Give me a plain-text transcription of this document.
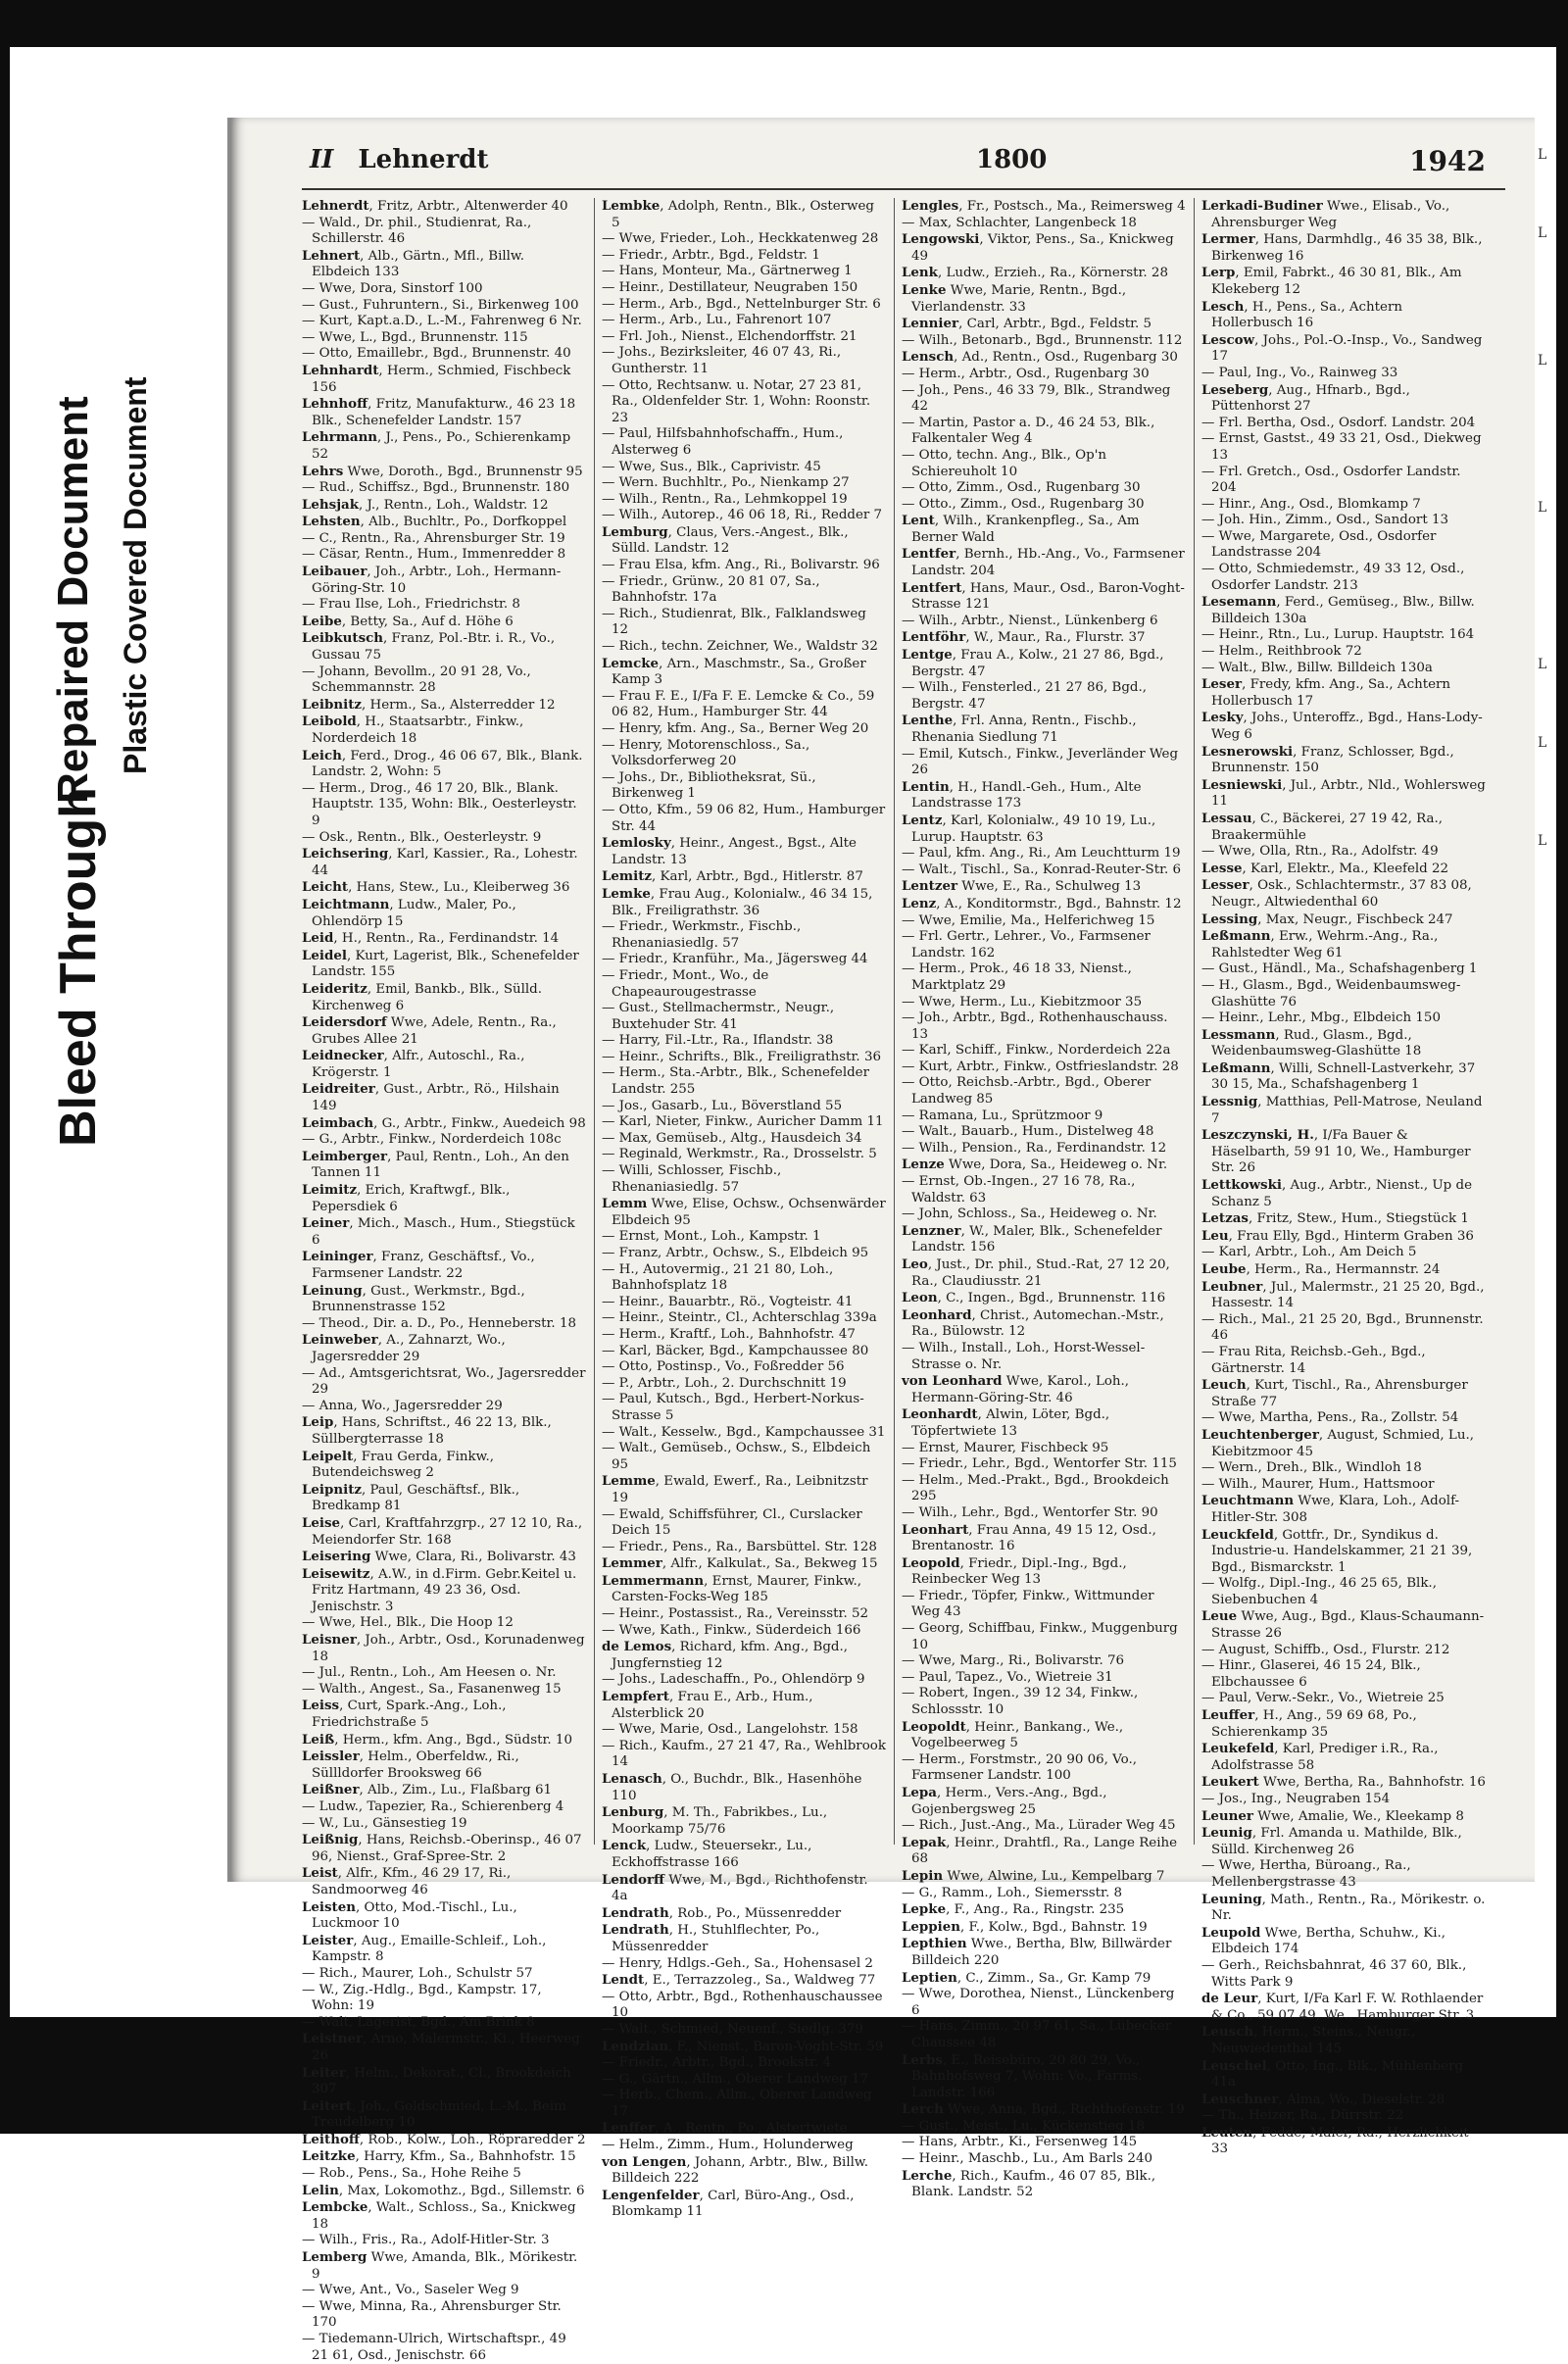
Bleed Through
Repaired Document Plastic Covered Document
II Lehnerdt	1800	1942

Lehnerdt, Fritz, Arbtr., Altenwerder 40

— Wald., Dr. phil., Studienrat, Ra., Schillerstr. 46

Lehnert, Alb., Gärtn., Mfl., Billw. Elbdeich 133

— Wwe, Dora, Sinstorf 100

— Gust., Fuhruntern., Si., Birkenweg 100

— Kurt, Kapt.a.D., L.-M., Fahrenweg 6 Nr.

— Wwe, L., Bgd., Brunnenstr. 115

— Otto, Emaillebr., Bgd., Brunnenstr. 40

Lehnhardt, Herm., Schmied, Fischbeck 156

Lehnhoff, Fritz, Manufakturw., 46 23 18 Blk., Schenefelder Landstr. 157

Lehrmann, J., Pens., Po., Schierenkamp 52

Lehrs Wwe, Doroth., Bgd., Brunnenstr 95

— Rud., Schiffsz., Bgd., Brunnenstr. 180

Lehsjak, J., Rentn., Loh., Waldstr. 12

Lehsten, Alb., Buchltr., Po., Dorfkoppel

— C., Rentn., Ra., Ahrensburger Str. 19

— Cäsar, Rentn., Hum., Immenredder 8

Leibauer, Joh., Arbtr., Loh., Hermann-Göring-Str. 10

— Frau Ilse, Loh., Friedrichstr. 8

Leibe, Betty, Sa., Auf d. Höhe 6

Leibkutsch, Franz, Pol.-Btr. i. R., Vo., Gussau 75

— Johann, Bevollm., 20 91 28, Vo., Schemmannstr. 28

Leibnitz, Herm., Sa., Alsterredder 12

Leibold, H., Staatsarbtr., Finkw., Norderdeich 18

Leich, Ferd., Drog., 46 06 67, Blk., Blank. Landstr. 2, Wohn: 5

— Herm., Drog., 46 17 20, Blk., Blank. Hauptstr. 135, Wohn: Blk., Oesterleystr. 9

— Osk., Rentn., Blk., Oesterleystr. 9

Leichsering, Karl, Kassier., Ra., Lohestr. 44

Leicht, Hans, Stew., Lu., Kleiberweg 36

Leichtmann, Ludw., Maler, Po., Ohlendörp 15

Leid, H., Rentn., Ra., Ferdinandstr. 14

Leidel, Kurt, Lagerist, Blk., Schenefelder Landstr. 155

Leideritz, Emil, Bankb., Blk., Sülld. Kirchenweg 6

Leidersdorf Wwe, Adele, Rentn., Ra., Grubes Allee 21

Leidnecker, Alfr., Autoschl., Ra., Krögerstr. 1

Leidreiter, Gust., Arbtr., Rö., Hilshain 149

Leimbach, G., Arbtr., Finkw., Auedeich 98

— G., Arbtr., Finkw., Norderdeich 108c

Leimberger, Paul, Rentn., Loh., An den Tannen 11

Leimitz, Erich, Kraftwgf., Blk., Pepersdiek 6

Leiner, Mich., Masch., Hum., Stiegstück 6

Leininger, Franz, Geschäftsf., Vo., Farmsener Landstr. 22

Leinung, Gust., Werkmstr., Bgd., Brunnenstrasse 152

— Theod., Dir. a. D., Po., Henneberstr. 18

Leinweber, A., Zahnarzt, Wo., Jagersredder 29

— Ad., Amtsgerichtsrat, Wo., Jagersredder 29

— Anna, Wo., Jagersredder 29

Leip, Hans, Schriftst., 46 22 13, Blk., Süllbergterrasse 18

Leipelt, Frau Gerda, Finkw., Butendeichsweg 2

Leipnitz, Paul, Geschäftsf., Blk., Bredkamp 81

Leise, Carl, Kraftfahrzgrp., 27 12 10, Ra., Meiendorfer Str. 168

Leisering Wwe, Clara, Ri., Bolivarstr. 43

Leisewitz, A.W., in d.Firm. Gebr.Keitel u. Fritz Hartmann, 49 23 36, Osd. Jenischstr. 3

— Wwe, Hel., Blk., Die Hoop 12

Leisner, Joh., Arbtr., Osd., Korunadenweg 18

— Jul., Rentn., Loh., Am Heesen o. Nr.

— Walth., Angest., Sa., Fasanenweg 15

Leiss, Curt, Spark.-Ang., Loh., Friedrichstraße 5

Leiß, Herm., kfm. Ang., Bgd., Südstr. 10

Leissler, Helm., Oberfeldw., Ri., Süllldorfer Brooksweg 66

Leißner, Alb., Zim., Lu., Flaßbarg 61

— Ludw., Tapezier, Ra., Schierenberg 4

— W., Lu., Gänsestieg 19

Leißnig, Hans, Reichsb.-Oberinsp., 46 07 96, Nienst., Graf-Spree-Str. 2

Leist, Alfr., Kfm., 46 29 17, Ri., Sandmoorweg 46

Leisten, Otto, Mod.-Tischl., Lu., Luckmoor 10

Leister, Aug., Emaille-Schleif., Loh., Kampstr. 8

— Rich., Maurer, Loh., Schulstr 57

— W., Zig.-Hdlg., Bgd., Kampstr. 17, Wohn: 19

— Walt, Lagerist, Bgd., Am Brink 8

Leistner, Arno, Malermstr., Ki., Heerweg 26

Leiter, Helm., Dekorat., Cl., Brookdeich 307

Leitert, Joh., Goldschmied, L.-M., Beim Treudelberg 10

Leithoff, Rob., Kolw., Loh., Röpraredder 2

Leitzke, Harry, Kfm., Sa., Bahnhofstr. 15

— Rob., Pens., Sa., Hohe Reihe 5

Lelin, Max, Lokomothz., Bgd., Sillemstr. 6

Lembcke, Walt., Schloss., Sa., Knickweg 18

— Wilh., Fris., Ra., Adolf-Hitler-Str. 3

Lemberg Wwe, Amanda, Blk., Mörikestr. 9

— Wwe, Ant., Vo., Saseler Weg 9

— Wwe, Minna, Ra., Ahrensburger Str. 170

— Tiedemann-Ulrich, Wirtschaftspr., 49 21 61, Osd., Jenischstr. 66

Lembke, Adolph, Rentn., Blk., Osterweg 5

— Wwe, Frieder., Loh., Heckkatenweg 28

— Friedr., Arbtr., Bgd., Feldstr. 1

— Hans, Monteur, Ma., Gärtnerweg 1

— Heinr., Destillateur, Neugraben 150

— Herm., Arb., Bgd., Nettelnburger Str. 6

— Herm., Arb., Lu., Fahrenort 107

— Frl. Joh., Nienst., Elchendorffstr. 21

— Johs., Bezirksleiter, 46 07 43, Ri., Guntherstr. 11

— Otto, Rechtsanw. u. Notar, 27 23 81, Ra., Oldenfelder Str. 1, Wohn: Roonstr. 23

— Paul, Hilfsbahnhofschaffn., Hum., Alsterweg 6

— Wwe, Sus., Blk., Caprivistr. 45

— Wern. Buchhltr., Po., Nienkamp 27

— Wilh., Rentn., Ra., Lehmkoppel 19

— Wilh., Autorep., 46 06 18, Ri., Redder 7

Lemburg, Claus, Vers.-Angest., Blk., Sülld. Landstr. 12

— Frau Elsa, kfm. Ang., Ri., Bolivarstr. 96

— Friedr., Grünw., 20 81 07, Sa., Bahnhofstr. 17a

— Rich., Studienrat, Blk., Falklandsweg 12

— Rich., techn. Zeichner, We., Waldstr 32

Lemcke, Arn., Maschmstr., Sa., Großer Kamp 3

— Frau F. E., I/Fa F. E. Lemcke & Co., 59 06 82, Hum., Hamburger Str. 44

— Henry, kfm. Ang., Sa., Berner Weg 20

— Henry, Motorenschloss., Sa., Volksdorferweg 20

— Johs., Dr., Bibliotheksrat, Sü., Birkenweg 1

— Otto, Kfm., 59 06 82, Hum., Hamburger Str. 44

Lemlosky, Heinr., Angest., Bgst., Alte Landstr. 13

Lemitz, Karl, Arbtr., Bgd., Hitlerstr. 87

Lemke, Frau Aug., Kolonialw., 46 34 15, Blk., Freiligrathstr. 36

— Friedr., Werkmstr., Fischb., Rhenaniasiedlg. 57

— Friedr., Kranführ., Ma., Jägersweg 44

— Friedr., Mont., Wo., de Chapeaurougestrasse

— Gust., Stellmachermstr., Neugr., Buxtehuder Str. 41

— Harry, Fil.-Ltr., Ra., Iflandstr. 38

— Heinr., Schrifts., Blk., Freiligrathstr. 36

— Herm., Sta.-Arbtr., Blk., Schenefelder Landstr. 255

— Jos., Gasarb., Lu., Böverstland 55

— Karl, Nieter, Finkw., Auricher Damm 11

— Max, Gemüseb., Altg., Hausdeich 34

— Reginald, Werkmstr., Ra., Drosselstr. 5

— Willi, Schlosser, Fischb., Rhenaniasiedlg. 57

Lemm Wwe, Elise, Ochsw., Ochsenwärder Elbdeich 95

— Ernst, Mont., Loh., Kampstr. 1

— Franz, Arbtr., Ochsw., S., Elbdeich 95

— H., Autovermig., 21 21 80, Loh., Bahnhofsplatz 18

— Heinr., Bauarbtr., Rö., Vogteistr. 41

— Heinr., Steintr., Cl., Achterschlag 339a

— Herm., Kraftf., Loh., Bahnhofstr. 47

— Karl, Bäcker, Bgd., Kampchaussee 80

— Otto, Postinsp., Vo., Foßredder 56

— P., Arbtr., Loh., 2. Durchschnitt 19

— Paul, Kutsch., Bgd., Herbert-Norkus-Strasse 5

— Walt., Kesselw., Bgd., Kampchaussee 31

— Walt., Gemüseb., Ochsw., S., Elbdeich 95

Lemme, Ewald, Ewerf., Ra., Leibnitzstr 19

— Ewald, Schiffsführer, Cl., Curslacker Deich 15

— Friedr., Pens., Ra., Barsbüttel. Str. 128

Lemmer, Alfr., Kalkulat., Sa., Bekweg 15

Lemmermann, Ernst, Maurer, Finkw., Carsten-Focks-Weg 185

— Heinr., Postassist., Ra., Vereinsstr. 52

— Wwe, Kath., Finkw., Süderdeich 166

de Lemos, Richard, kfm. Ang., Bgd., Jungfernstieg 12

— Johs., Ladeschaffn., Po., Ohlendörp 9

Lempfert, Frau E., Arb., Hum., Alsterblick 20

— Wwe, Marie, Osd., Langelohstr. 158

— Rich., Kaufm., 27 21 47, Ra., Wehlbrook 14

Lenasch, O., Buchdr., Blk., Hasenhöhe 110

Lenburg, M. Th., Fabrikbes., Lu., Moorkamp 75/76

Lenck, Ludw., Steuersekr., Lu., Eckhoffstrasse 166

Lendorff Wwe, M., Bgd., Richthofenstr. 4a

Lendrath, Rob., Po., Müssenredder

Lendrath, H., Stuhlflechter, Po., Müssenredder

— Henry, Hdlgs.-Geh., Sa., Hohensasel 2

Lendt, E., Terrazzoleg., Sa., Waldweg 77

— Otto, Arbtr., Bgd., Rothenhauschaussee 10

— Walt., Schmied, Neuenf., Siedlg. 379

Lendzian, F., Nienst., Baron-Voght-Str. 59

— Friedr., Arbtr., Bgd., Brookstr. 4

— G., Gärtn., Allm., Oberer Landweg 17

— Herb., Chem., Allm., Oberer Landweg 17

Lenffer, A., Rentn., Po., Alstertwiete

— Helm., Zimm., Hum., Holunderweg

von Lengen, Johann, Arbtr., Blw., Billw. Billdeich 222

Lengenfelder, Carl, Büro-Ang., Osd., Blomkamp 11

Lengles, Fr., Postsch., Ma., Reimersweg 4

— Max, Schlachter, Langenbeck 18

Lengowski, Viktor, Pens., Sa., Knickweg 49

Lenk, Ludw., Erzieh., Ra., Körnerstr. 28

Lenke Wwe, Marie, Rentn., Bgd., Vierlandenstr. 33

Lennier, Carl, Arbtr., Bgd., Feldstr. 5

— Wilh., Betonarb., Bgd., Brunnenstr. 112

Lensch, Ad., Rentn., Osd., Rugenbarg 30

— Herm., Arbtr., Osd., Rugenbarg 30

— Joh., Pens., 46 33 79, Blk., Strandweg 42

— Martin, Pastor a. D., 46 24 53, Blk., Falkentaler Weg 4

— Otto, techn. Ang., Blk., Op'n Schiereuholt 10

— Otto, Zimm., Osd., Rugenbarg 30

— Otto., Zimm., Osd., Rugenbarg 30

Lent, Wilh., Krankenpfleg., Sa., Am Berner Wald

Lentfer, Bernh., Hb.-Ang., Vo., Farmsener Landstr. 204

Lentfert, Hans, Maur., Osd., Baron-Voght-Strasse 121

— Wilh., Arbtr., Nienst., Lünkenberg 6

Lentföhr, W., Maur., Ra., Flurstr. 37

Lentge, Frau A., Kolw., 21 27 86, Bgd., Bergstr. 47

— Wilh., Fensterled., 21 27 86, Bgd., Bergstr. 47

Lenthe, Frl. Anna, Rentn., Fischb., Rhenania Siedlung 71

— Emil, Kutsch., Finkw., Jeverländer Weg 26

Lentin, H., Handl.-Geh., Hum., Alte Landstrasse 173

Lentz, Karl, Kolonialw., 49 10 19, Lu., Lurup. Hauptstr. 63

— Paul, kfm. Ang., Ri., Am Leuchtturm 19

— Walt., Tischl., Sa., Konrad-Reuter-Str. 6

Lentzer Wwe, E., Ra., Schulweg 13

Lenz, A., Konditormstr., Bgd., Bahnstr. 12

— Wwe, Emilie, Ma., Helferichweg 15

— Frl. Gertr., Lehrer., Vo., Farmsener Landstr. 162

— Herm., Prok., 46 18 33, Nienst., Marktplatz 29

— Wwe, Herm., Lu., Kiebitzmoor 35

— Joh., Arbtr., Bgd., Rothenhauschauss. 13

— Karl, Schiff., Finkw., Norderdeich 22a

— Kurt, Arbtr., Finkw., Ostfrieslandstr. 28

— Otto, Reichsb.-Arbtr., Bgd., Oberer Landweg 85

— Ramana, Lu., Sprützmoor 9

— Walt., Bauarb., Hum., Distelweg 48

— Wilh., Pension., Ra., Ferdinandstr. 12

Lenze Wwe, Dora, Sa., Heideweg o. Nr.

— Ernst, Ob.-Ingen., 27 16 78, Ra., Waldstr. 63

— John, Schloss., Sa., Heideweg o. Nr.

Lenzner, W., Maler, Blk., Schenefelder Landstr. 156

Leo, Just., Dr. phil., Stud.-Rat, 27 12 20, Ra., Claudiusstr. 21

Leon, C., Ingen., Bgd., Brunnenstr. 116

Leonhard, Christ., Automechan.-Mstr., Ra., Bülowstr. 12

— Wilh., Install., Loh., Horst-Wessel-Strasse o. Nr.

von Leonhard Wwe, Karol., Loh., Hermann-Göring-Str. 46

Leonhardt, Alwin, Löter, Bgd., Töpfertwiete 13

— Ernst, Maurer, Fischbeck 95

— Friedr., Lehr., Bgd., Wentorfer Str. 115

— Helm., Med.-Prakt., Bgd., Brookdeich 295

— Wilh., Lehr., Bgd., Wentorfer Str. 90

Leonhart, Frau Anna, 49 15 12, Osd., Brentanostr. 16

Leopold, Friedr., Dipl.-Ing., Bgd., Reinbecker Weg 13

— Friedr., Töpfer, Finkw., Wittmunder Weg 43

— Georg, Schiffbau, Finkw., Muggenburg 10

— Wwe, Marg., Ri., Bolivarstr. 76

— Paul, Tapez., Vo., Wietreie 31

— Robert, Ingen., 39 12 34, Finkw., Schlossstr. 10

Leopoldt, Heinr., Bankang., We., Vogelbeerweg 5

— Herm., Forstmstr., 20 90 06, Vo., Farmsener Landstr. 100

Lepa, Herm., Vers.-Ang., Bgd., Gojenbergsweg 25

— Rich., Just.-Ang., Ma., Lürader Weg 45

Lepak, Heinr., Drahtfl., Ra., Lange Reihe 68

Lepin Wwe, Alwine, Lu., Kempelbarg 7

— G., Ramm., Loh., Siemersstr. 8

Lepke, F., Ang., Ra., Ringstr. 235

Leppien, F., Kolw., Bgd., Bahnstr. 19

Lepthien Wwe., Bertha, Blw, Billwärder Billdeich 220

Leptien, C., Zimm., Sa., Gr. Kamp 79

— Wwe, Dorothea, Nienst., Lünckenberg 6

— Hans, Zimm., 20 97 61, Sa., Lübecker Chaussee 48

Lerbs, E., Reisebüro, 20 80 29, Vo., Bahnhofsweg 7, Wohn: Vo., Farms. Landstr. 166

Lerch Wwe, Anna, Bgd., Richthofenstr. 19

— Gust., Meist., Lu., Kückenstieg 18

— Hans, Arbtr., Ki., Fersenweg 145

— Heinr., Maschb., Lu., Am Barls 240

Lerche, Rich., Kaufm., 46 07 85, Blk., Blank. Landstr. 52

Lerkadi-Budiner Wwe., Elisab., Vo., Ahrensburger Weg

Lermer, Hans, Darmhdlg., 46 35 38, Blk., Birkenweg 16

Lerp, Emil, Fabrkt., 46 30 81, Blk., Am Klekeberg 12

Lesch, H., Pens., Sa., Achtern Hollerbusch 16

Lescow, Johs., Pol.-O.-Insp., Vo., Sandweg 17

— Paul, Ing., Vo., Rainweg 33

Leseberg, Aug., Hfnarb., Bgd., Püttenhorst 27

— Frl. Bertha, Osd., Osdorf. Landstr. 204

— Ernst, Gastst., 49 33 21, Osd., Diekweg 13

— Frl. Gretch., Osd., Osdorfer Landstr. 204

— Hinr., Ang., Osd., Blomkamp 7

— Joh. Hin., Zimm., Osd., Sandort 13

— Wwe, Margarete, Osd., Osdorfer Landstrasse 204

— Otto, Schmiedemstr., 49 33 12, Osd., Osdorfer Landstr. 213

Lesemann, Ferd., Gemüseg., Blw., Billw. Billdeich 130a

— Heinr., Rtn., Lu., Lurup. Hauptstr. 164

— Helm., Reithbrook 72

— Walt., Blw., Billw. Billdeich 130a

Leser, Fredy, kfm. Ang., Sa., Achtern Hollerbusch 17

Lesky, Johs., Unteroffz., Bgd., Hans-Lody-Weg 6

Lesnerowski, Franz, Schlosser, Bgd., Brunnenstr. 150

Lesniewski, Jul., Arbtr., Nld., Wohlersweg 11

Lessau, C., Bäckerei, 27 19 42, Ra., Braakermühle

— Wwe, Olla, Rtn., Ra., Adolfstr. 49

Lesse, Karl, Elektr., Ma., Kleefeld 22

Lesser, Osk., Schlachtermstr., 37 83 08, Neugr., Altwiedenthal 60

Lessing, Max, Neugr., Fischbeck 247

Leßmann, Erw., Wehrm.-Ang., Ra., Rahlstedter Weg 61

— Gust., Händl., Ma., Schafshagenberg 1

— H., Glasm., Bgd., Weidenbaumsweg-Glashütte 76

— Heinr., Lehr., Mbg., Elbdeich 150

Lessmann, Rud., Glasm., Bgd., Weidenbaumsweg-Glashütte 18

Leßmann, Willi, Schnell-Lastverkehr, 37 30 15, Ma., Schafshagenberg 1

Lessnig, Matthias, Pell-Matrose, Neuland 7

Leszczynski, H., I/Fa Bauer & Häselbarth, 59 91 10, We., Hamburger Str. 26

Lettkowski, Aug., Arbtr., Nienst., Up de Schanz 5

Letzas, Fritz, Stew., Hum., Stiegstück 1

Leu, Frau Elly, Bgd., Hinterm Graben 36

— Karl, Arbtr., Loh., Am Deich 5

Leube, Herm., Ra., Hermannstr. 24

Leubner, Jul., Malermstr., 21 25 20, Bgd., Hassestr. 14

— Rich., Mal., 21 25 20, Bgd., Brunnenstr. 46

— Frau Rita, Reichsb.-Geh., Bgd., Gärtnerstr. 14

Leuch, Kurt, Tischl., Ra., Ahrensburger Straße 77

— Wwe, Martha, Pens., Ra., Zollstr. 54

Leuchtenberger, August, Schmied, Lu., Kiebitzmoor 45

— Wern., Dreh., Blk., Windloh 18

— Wilh., Maurer, Hum., Hattsmoor

Leuchtmann Wwe, Klara, Loh., Adolf-Hitler-Str. 308

Leuckfeld, Gottfr., Dr., Syndikus d. Industrie-u. Handelskammer, 21 21 39, Bgd., Bismarckstr. 1

— Wolfg., Dipl.-Ing., 46 25 65, Blk., Siebenbuchen 4

Leue Wwe, Aug., Bgd., Klaus-Schaumann-Strasse 26

— August, Schiffb., Osd., Flurstr. 212

— Hinr., Glaserei, 46 15 24, Blk., Elbchaussee 6

— Paul, Verw.-Sekr., Vo., Wietreie 25

Leuffer, H., Ang., 59 69 68, Po., Schierenkamp 35

Leukefeld, Karl, Prediger i.R., Ra., Adolfstrasse 58

Leukert Wwe, Bertha, Ra., Bahnhofstr. 16

— Jos., Ing., Neugraben 154

Leuner Wwe, Amalie, We., Kleekamp 8

Leunig, Frl. Amanda u. Mathilde, Blk., Sülld. Kirchenweg 26

— Wwe, Hertha, Büroang., Ra., Mellenbergstrasse 43

Leuning, Math., Rentn., Ra., Mörikestr. o. Nr.

Leupold Wwe, Bertha, Schuhw., Ki., Elbdeich 174

— Gerh., Reichsbahnrat, 46 37 60, Blk., Witts Park 9

de Leur, Kurt, I/Fa Karl F. W. Rothlaender & Co., 59 07 49, We., Hamburger Str. 3

Leusch, Herm., Steins., Neugr., Neuwiedenthal 145

Leuschel, Otto, Ing., Blk., Mühlenberg 41a

Leuschner, Alma, Wo., Dieselstr. 28

— Th., Heizer, Ra., Dürrstr. 22

Leuten, Fedde, Maler, Ra., Herzlichkeit 33

L
L
L
L
L
L
L
